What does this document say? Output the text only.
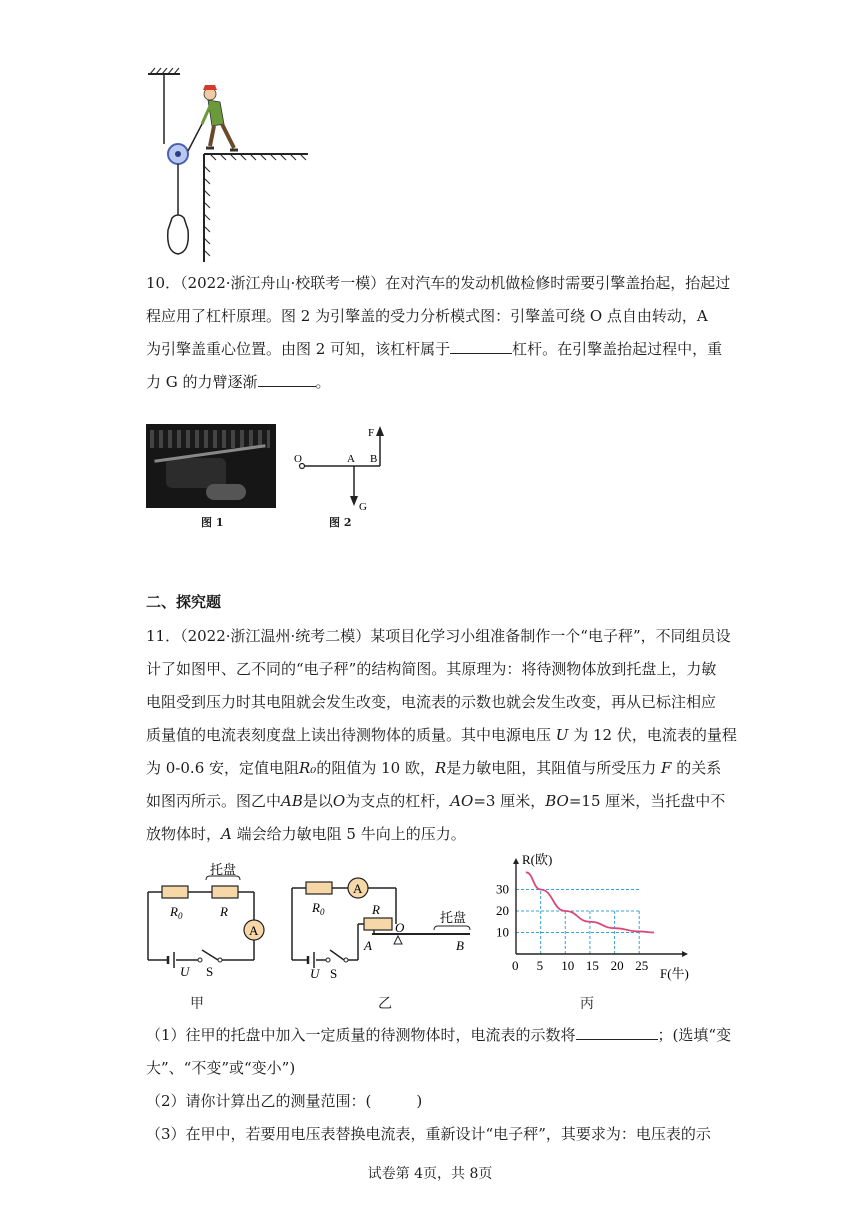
10．（2022·浙江舟山·校联考一模）在对汽车的发动机做检修时需要引擎盖抬起，抬起过
程应用了杠杆原理。图 2 为引擎盖的受力分析模式图：引擎盖可绕 O 点自由转动，A
为引擎盖重心位置。由图 2 可知，该杠杆属于	杠杆。在引擎盖抬起过程中，重
力 G 的力臂逐渐	。
图 1
O	A B
F
G
图 2
二、探究题
11．（2022·浙江温州·统考二模）某项目化学习小组准备制作一个“电子秤”，不同组员设
计了如图甲、乙不同的“电子秤”的结构简图。其原理为：将待测物体放到托盘上，力敏
电阻受到压力时其电阻就会发生改变，电流表的示数也就会发生改变，再从已标注相应
质量值的电流表刻度盘上读出待测物体的质量。其中电源电压 U 为 12 伏，电流表的量程
为 0-0.6 安，定值电阻R₀的阻值为 10 欧，R是力敏电阻，其阻值与所受压力 F 的关系
如图丙所示。图乙中AB是以O为支点的杠杆，AO=3 厘米，BO=15 厘米，当托盘中不
放物体时，A 端会给力敏电阻 5 牛向上的压力。
托盘
A
$R_0$	R
U S
甲
A
托盘
$R_0$	R
A
O
B
U S
乙
0 5 10 15 20 25
10
20
30
R(欧)
F(牛)
丙
（1）往甲的托盘中加入一定质量的待测物体时，电流表的示数将	；(选填“变
大”、“不变”或“变小”)
（2）请你计算出乙的测量范围：(　　　)
（3）在甲中，若要用电压表替换电流表，重新设计“电子秤”，其要求为：电压表的示
试卷第 4页，共 8页
